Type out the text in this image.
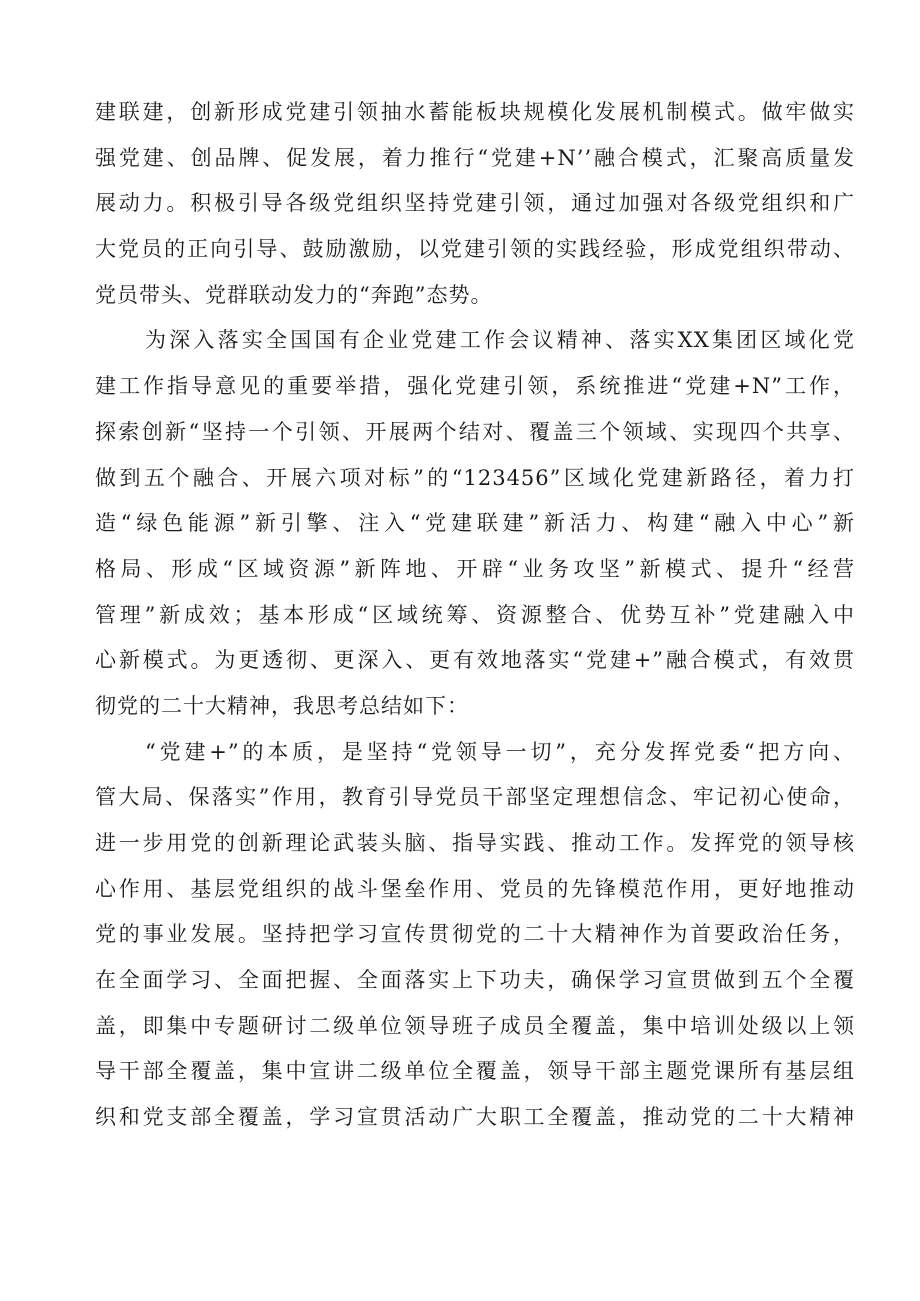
建联建，创新形成党建引领抽水蓄能板块规模化发展机制模式。做牢做实
强党建、创品牌、促发展，着力推行“党建+N’’融合模式，汇聚高质量发
展动力。积极引导各级党组织坚持党建引领，通过加强对各级党组织和广
大党员的正向引导、鼓励激励，以党建引领的实践经验，形成党组织带动、
党员带头、党群联动发力的“奔跑”态势。
为深入落实全国国有企业党建工作会议精神、落实XX集团区域化党
建工作指导意见的重要举措，强化党建引领，系统推进“党建+N”工作，
探索创新“坚持一个引领、开展两个结对、覆盖三个领域、实现四个共享、
做到五个融合、开展六项对标”的“123456”区域化党建新路径，着力打
造“绿色能源”新引擎、注入“党建联建”新活力、构建“融入中心”新
格局、形成“区域资源”新阵地、开辟“业务攻坚”新模式、提升“经营
管理”新成效；基本形成“区域统筹、资源整合、优势互补”党建融入中
心新模式。为更透彻、更深入、更有效地落实“党建+”融合模式，有效贯
彻党的二十大精神，我思考总结如下：
“党建+”的本质，是坚持“党领导一切”，充分发挥党委“把方向、
管大局、保落实”作用，教育引导党员干部坚定理想信念、牢记初心使命，
进一步用党的创新理论武装头脑、指导实践、推动工作。发挥党的领导核
心作用、基层党组织的战斗堡垒作用、党员的先锋模范作用，更好地推动
党的事业发展。坚持把学习宣传贯彻党的二十大精神作为首要政治任务，
在全面学习、全面把握、全面落实上下功夫，确保学习宣贯做到五个全覆
盖，即集中专题研讨二级单位领导班子成员全覆盖，集中培训处级以上领
导干部全覆盖，集中宣讲二级单位全覆盖，领导干部主题党课所有基层组
织和党支部全覆盖，学习宣贯活动广大职工全覆盖，推动党的二十大精神
